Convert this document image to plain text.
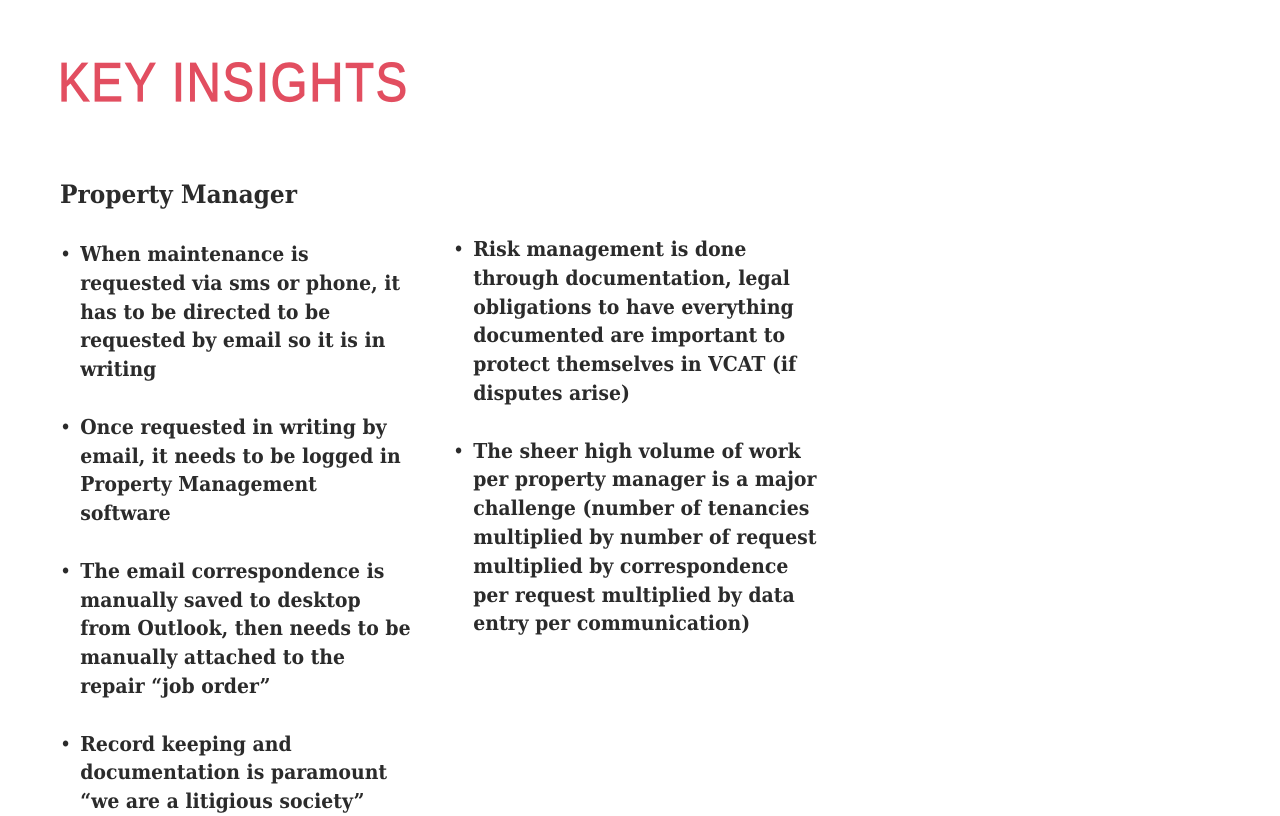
KEY INSIGHTS
Property Manager
• When maintenance is requested via sms or phone, it has to be directed to be requested by email so it is in writing
• Once requested in writing by email, it needs to be logged in Property Management software
• The email correspondence is manually saved to desktop from Outlook, then needs to be manually attached to the repair “job order”
• Record keeping and documentation is paramount “we are a litigious society”
• Risk management is done through documentation, legal obligations to have everything documented are important to protect themselves in VCAT (if disputes arise)
• The sheer high volume of work per property manager is a major challenge (number of tenancies multiplied by number of request multiplied by correspondence per request multiplied by data entry per communication)
